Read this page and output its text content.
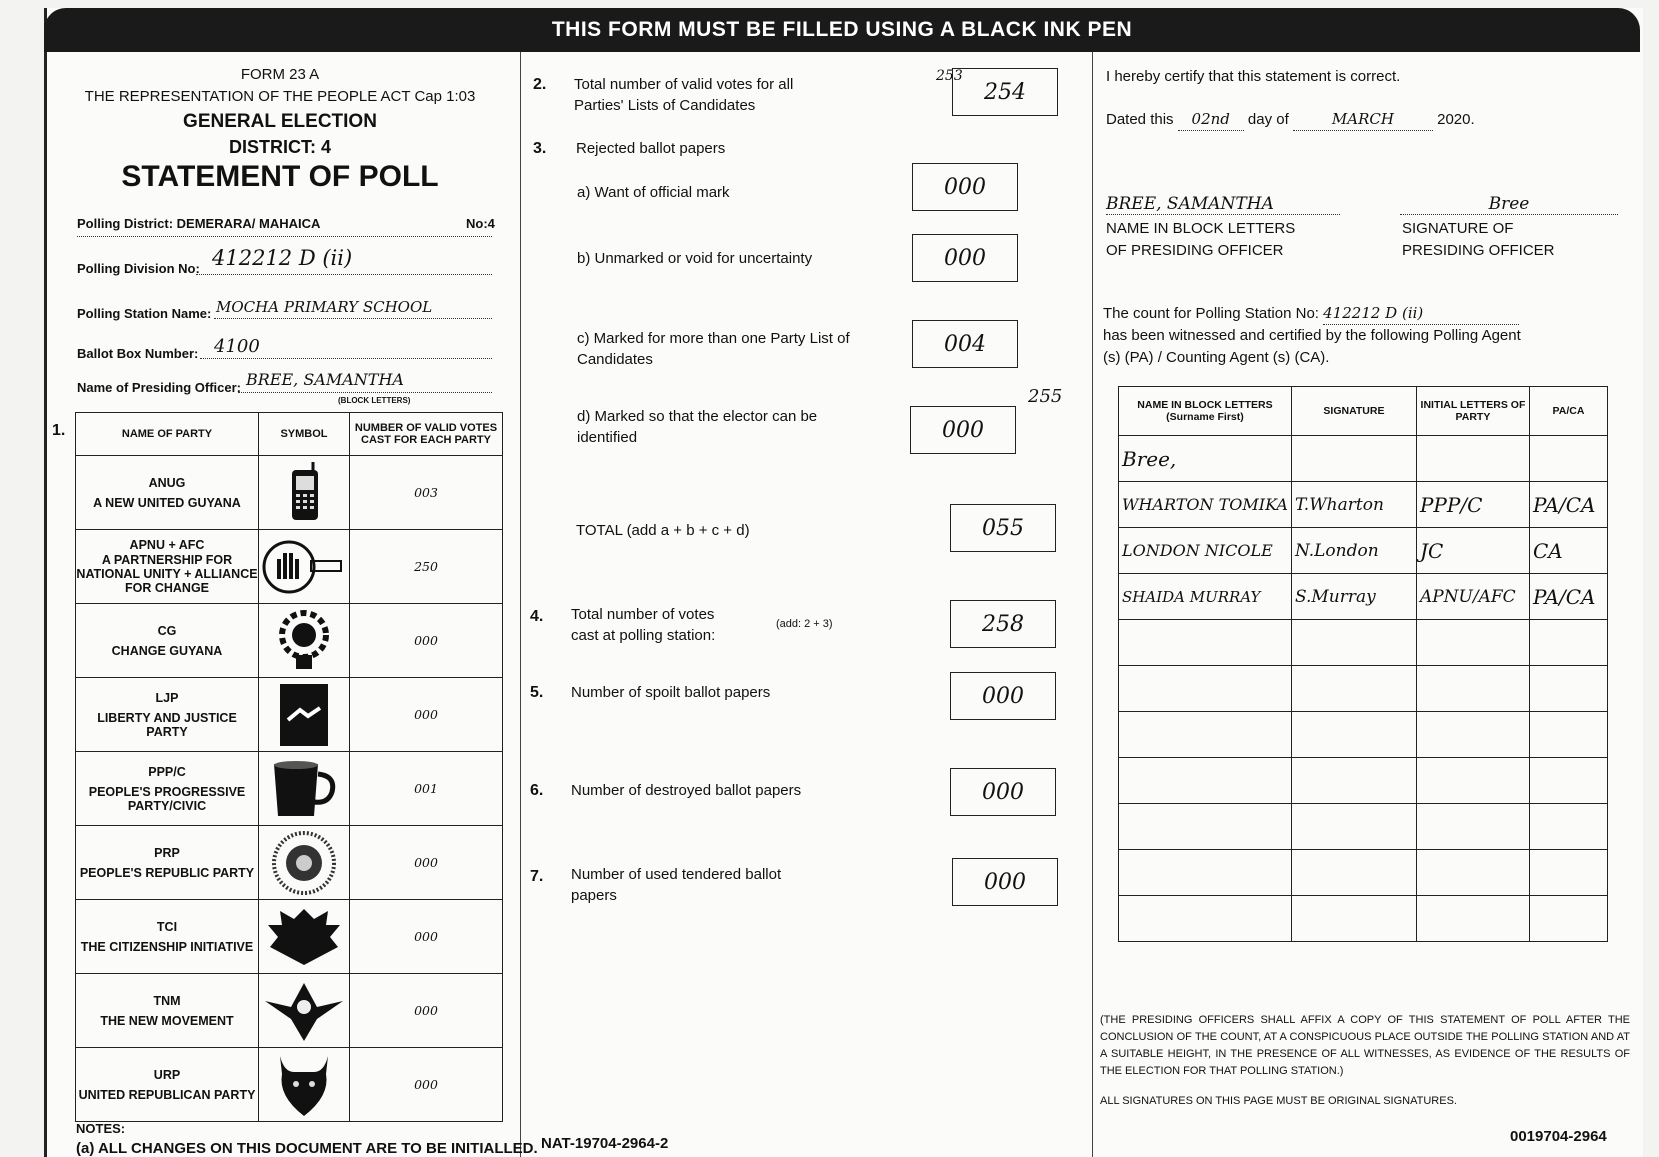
THIS FORM MUST BE FILLED USING A BLACK INK PEN
FORM 23 A
THE REPRESENTATION OF THE PEOPLE ACT Cap 1:03
GENERAL ELECTION
DISTRICT: 4
STATEMENT OF POLL
Polling District: DEMERARA/ MAHAICA	No:4
Polling Division No: 412212 D (ii)
Polling Station Name: MOCHA PRIMARY SCHOOL
Ballot Box Number: 4100
Name of Presiding Officer: BREE, SAMANTHA
(BLOCK LETTERS)
1.	NAME OF PARTY	SYMBOL	NUMBER OF VALID VOTES CAST FOR EACH PARTY

ANUG
A NEW UNITED GUYANA		003

APNU + AFC
A PARTNERSHIP FOR NATIONAL UNITY + ALLIANCE FOR CHANGE		250

CG
CHANGE GUYANA		000

LJP
LIBERTY AND JUSTICE PARTY		000

PPP/C
PEOPLE'S PROGRESSIVE PARTY/CIVIC		001

PRP
PEOPLE'S REPUBLIC PARTY		000

TCI
THE CITIZENSHIP INITIATIVE		000

TNM
THE NEW MOVEMENT		000

URP
UNITED REPUBLICAN PARTY		000
NOTES:
(a) ALL CHANGES ON THIS DOCUMENT ARE TO BE INITIALLED.
2. Total number of valid votes for all Parties' Lists of Candidates
254
253
3. Rejected ballot papers
a) Want of official mark	000
b) Unmarked or void for uncertainty	000
c) Marked for more than one Party List of Candidates
004
d) Marked so that the elector can be identified	000
255
TOTAL (add a + b + c + d)	055
4. Total number of votes cast at polling station:
(add: 2 + 3)	258
5. Number of spoilt ballot papers	000
6. Number of destroyed ballot papers	000
7. Number of used tendered ballot papers
000
NAT-19704-2964-2
I hereby certify that this statement is correct.
Dated this 02nd day of	MARCH	2020.
BREE, SAMANTHA	Bree
NAME IN BLOCK LETTERS OF PRESIDING OFFICER
SIGNATURE OF PRESIDING OFFICER
The count for Polling Station No: 412212 D (ii)
has been witnessed and certified by the following Polling Agent (s) (PA) / Counting Agent (s) (CA).
NAME IN BLOCK LETTERS (Surname First)	SIGNATURE	INITIAL LETTERS OF PARTY	PA/CA
Bree,			
WHARTON TOMIKA	T.Wharton	PPP/C	PA/CA
LONDON NICOLE	N.London	JC	CA
SHAIDA MURRAY	S.Murray	APNU/AFC	PA/CA

(THE PRESIDING OFFICERS SHALL AFFIX A COPY OF THIS STATEMENT OF POLL AFTER THE CONCLUSION OF THE COUNT, AT A CONSPICUOUS PLACE OUTSIDE THE POLLING STATION AND AT A SUITABLE HEIGHT, IN THE PRESENCE OF ALL WITNESSES, AS EVIDENCE OF THE RESULTS OF THE ELECTION FOR THAT POLLING STATION.)
ALL SIGNATURES ON THIS PAGE MUST BE ORIGINAL SIGNATURES.
0019704-2964
